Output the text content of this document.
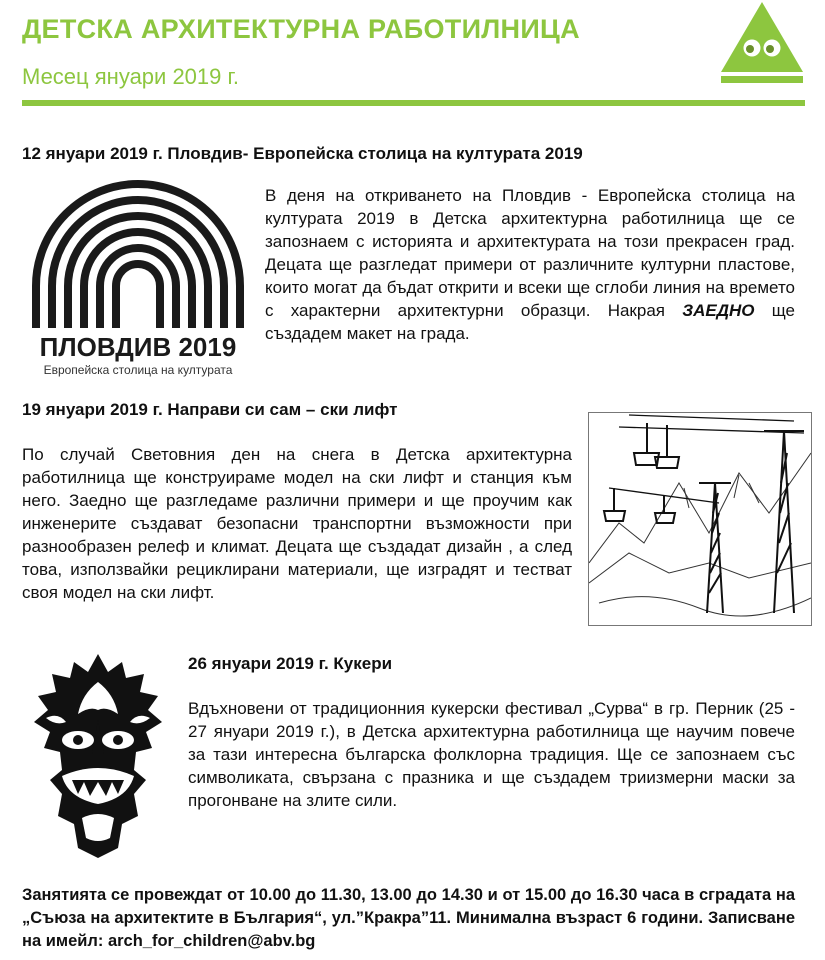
ДЕТСКА АРХИТЕКТУРНА РАБОТИЛНИЦА
Месец януари 2019 г.
12 януари 2019 г. Пловдив- Европейска столица на културата 2019
ПЛОВДИВ 2019
Европейска столица на културата
В деня на откриването на Пловдив - Европейска столица на културата 2019 в Детска архитектурна работилница ще се запознаем с историята и архитектурата на този прекрасен град. Децата ще разгледат примери от различните културни пластове, които могат да бъдат открити и всеки ще сглоби линия на времето с характерни архитектурни образци. Накрая ЗАЕДНО ще създадем макет на града.
19 януари 2019 г. Направи си сам – ски лифт
По случай Световния ден на снега в Детска архитектурна работилница ще конструираме модел на ски лифт и станция към него. Заедно ще разгледаме различни примери и ще проучим как инженерите създават безопасни транспортни възможности при разнообразен релеф и климат. Децата ще създадат дизайн , а след това, използвайки рециклирани материали, ще изградят и тестват своя модел на ски лифт.
26 януари 2019 г. Кукери
Вдъхновени от традиционния кукерски фестивал „Сурва“ в гр. Перник (25 - 27 януари 2019 г.), в Детска архитектурна работилница ще научим повече за тази интересна българска фолклорна традиция. Ще се запознаем със символиката, свързана с празника и ще създадем триизмерни маски за прогонване на злите сили.
Занятията се провеждат от 10.00 до 11.30, 13.00 до 14.30 и от 15.00 до 16.30 часа в сградата на „Съюза на архитектите в България“, ул.”Кракра”11. Минимална възраст 6 години. Записване на имейл: arch_for_children@abv.bg
